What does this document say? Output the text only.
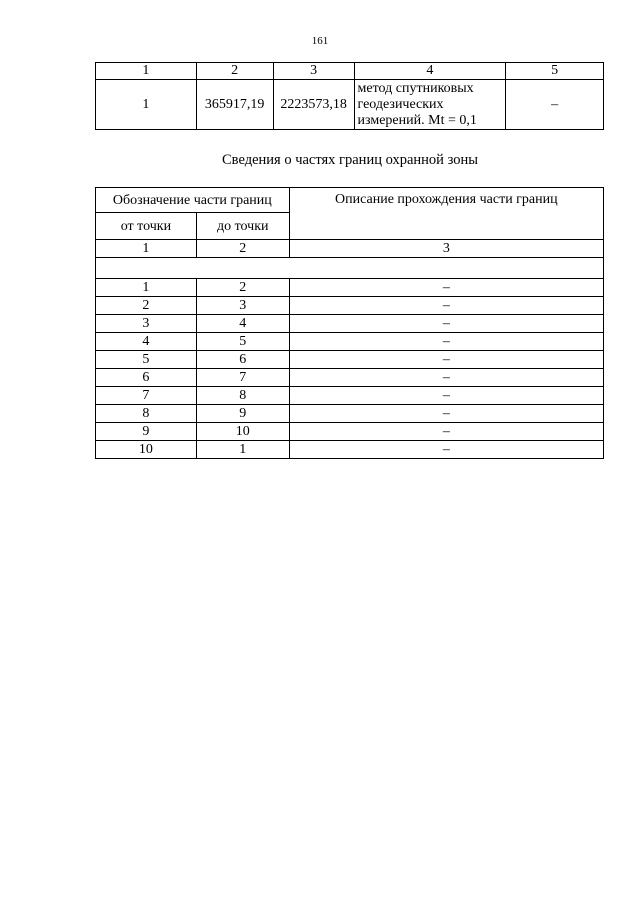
161
1	2	3	4	5
1	365917,19	2223573,18	метод спутниковых
геодезических
измерений. Mt = 0,1	–
Сведения о частях границ охранной зоны
Обозначение части границ		Описание прохождения части границ
от точки	до точки	
1	2	3

1	2	–
2	3	–
3	4	–
4	5	–
5	6	–
6	7	–
7	8	–
8	9	–
9	10	–
10	1	–
